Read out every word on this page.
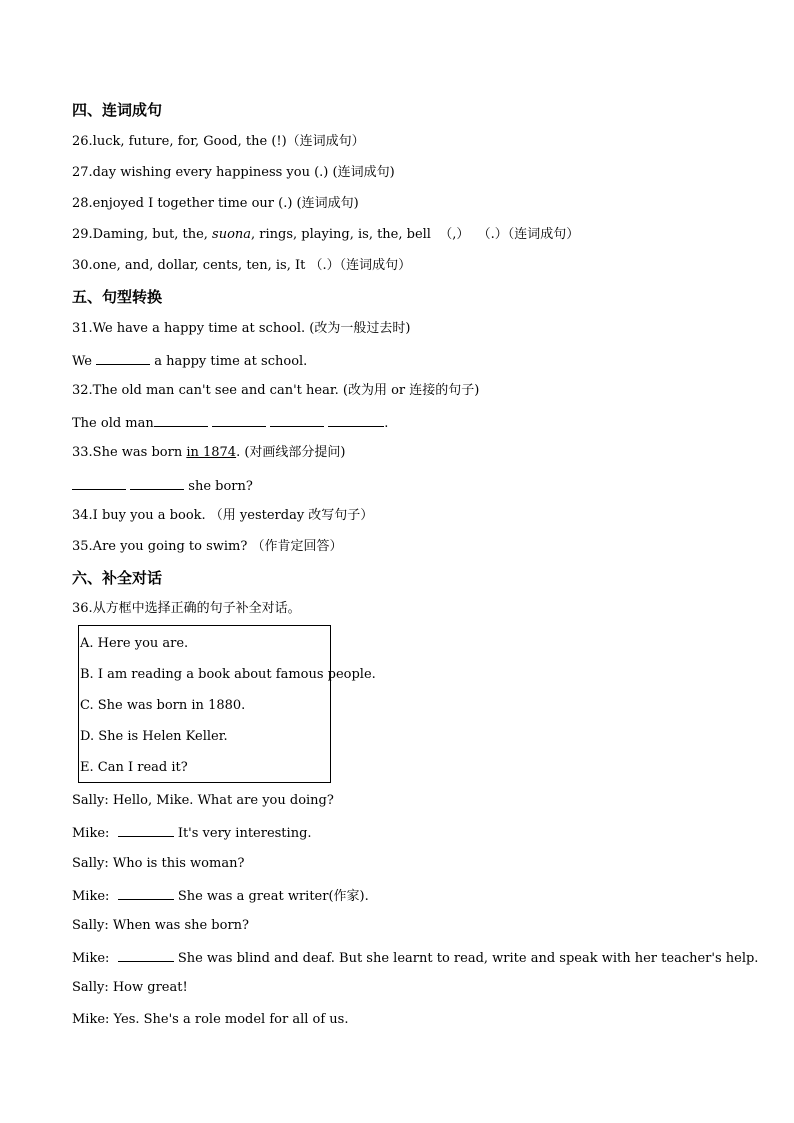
四、连词成句
26.luck, future, for, Good, the (!)（连词成句）
27.day wishing every happiness you (.) (连词成句)
28.enjoyed I together time our (.) (连词成句)
29.Daming, but, the, suona, rings, playing, is, the, bell  （,）  （.）（连词成句）
30.one, and, dollar, cents, ten, is, It （.）（连词成句）
五、句型转换
31.We have a happy time at school. (改为一般过去时)
We	a happy time at school.
32.The old man can't see and can't hear. (改为用 or 连接的句子)
The old man	.
33.She was born in 1874. (对画线部分提问)
she born?
34.I buy you a book. （用 yesterday 改写句子）
35.Are you going to swim? （作肯定回答）
六、补全对话
36.从方框中选择正确的句子补全对话。
A. Here you are.
B. I am reading a book about famous people.
C. She was born in 1880.
D. She is Helen Keller.
E. Can I read it?
Sally: Hello, Mike. What are you doing?
Mike:	It's very interesting.
Sally: Who is this woman?
Mike:	She was a great writer(作家).
Sally: When was she born?
Mike:	She was blind and deaf. But she learnt to read, write and speak with her teacher's help.
Sally: How great!
Mike: Yes. She's a role model for all of us.
